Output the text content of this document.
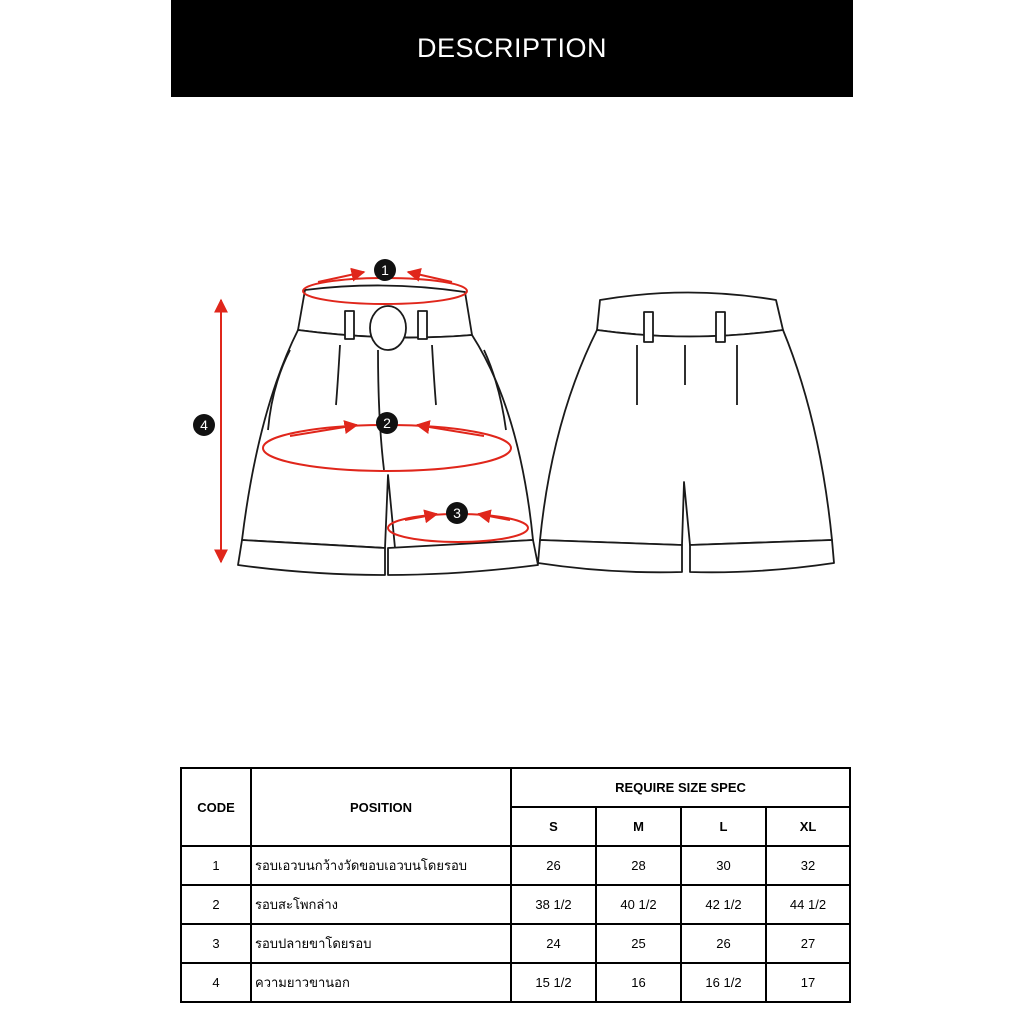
DESCRIPTION
1
2
3
4
CODE	POSITION	REQUIRE SIZE SPEC			
		S	M	L	XL
1	รอบเอวบนกว้างวัดขอบเอวบนโดยรอบ	26	28	30	32
2	รอบสะโพกล่าง	38 1/2	40 1/2	42 1/2	44 1/2
3	รอบปลายขาโดยรอบ	24	25	26	27
4	ความยาวขานอก	15 1/2	16	16 1/2	17
